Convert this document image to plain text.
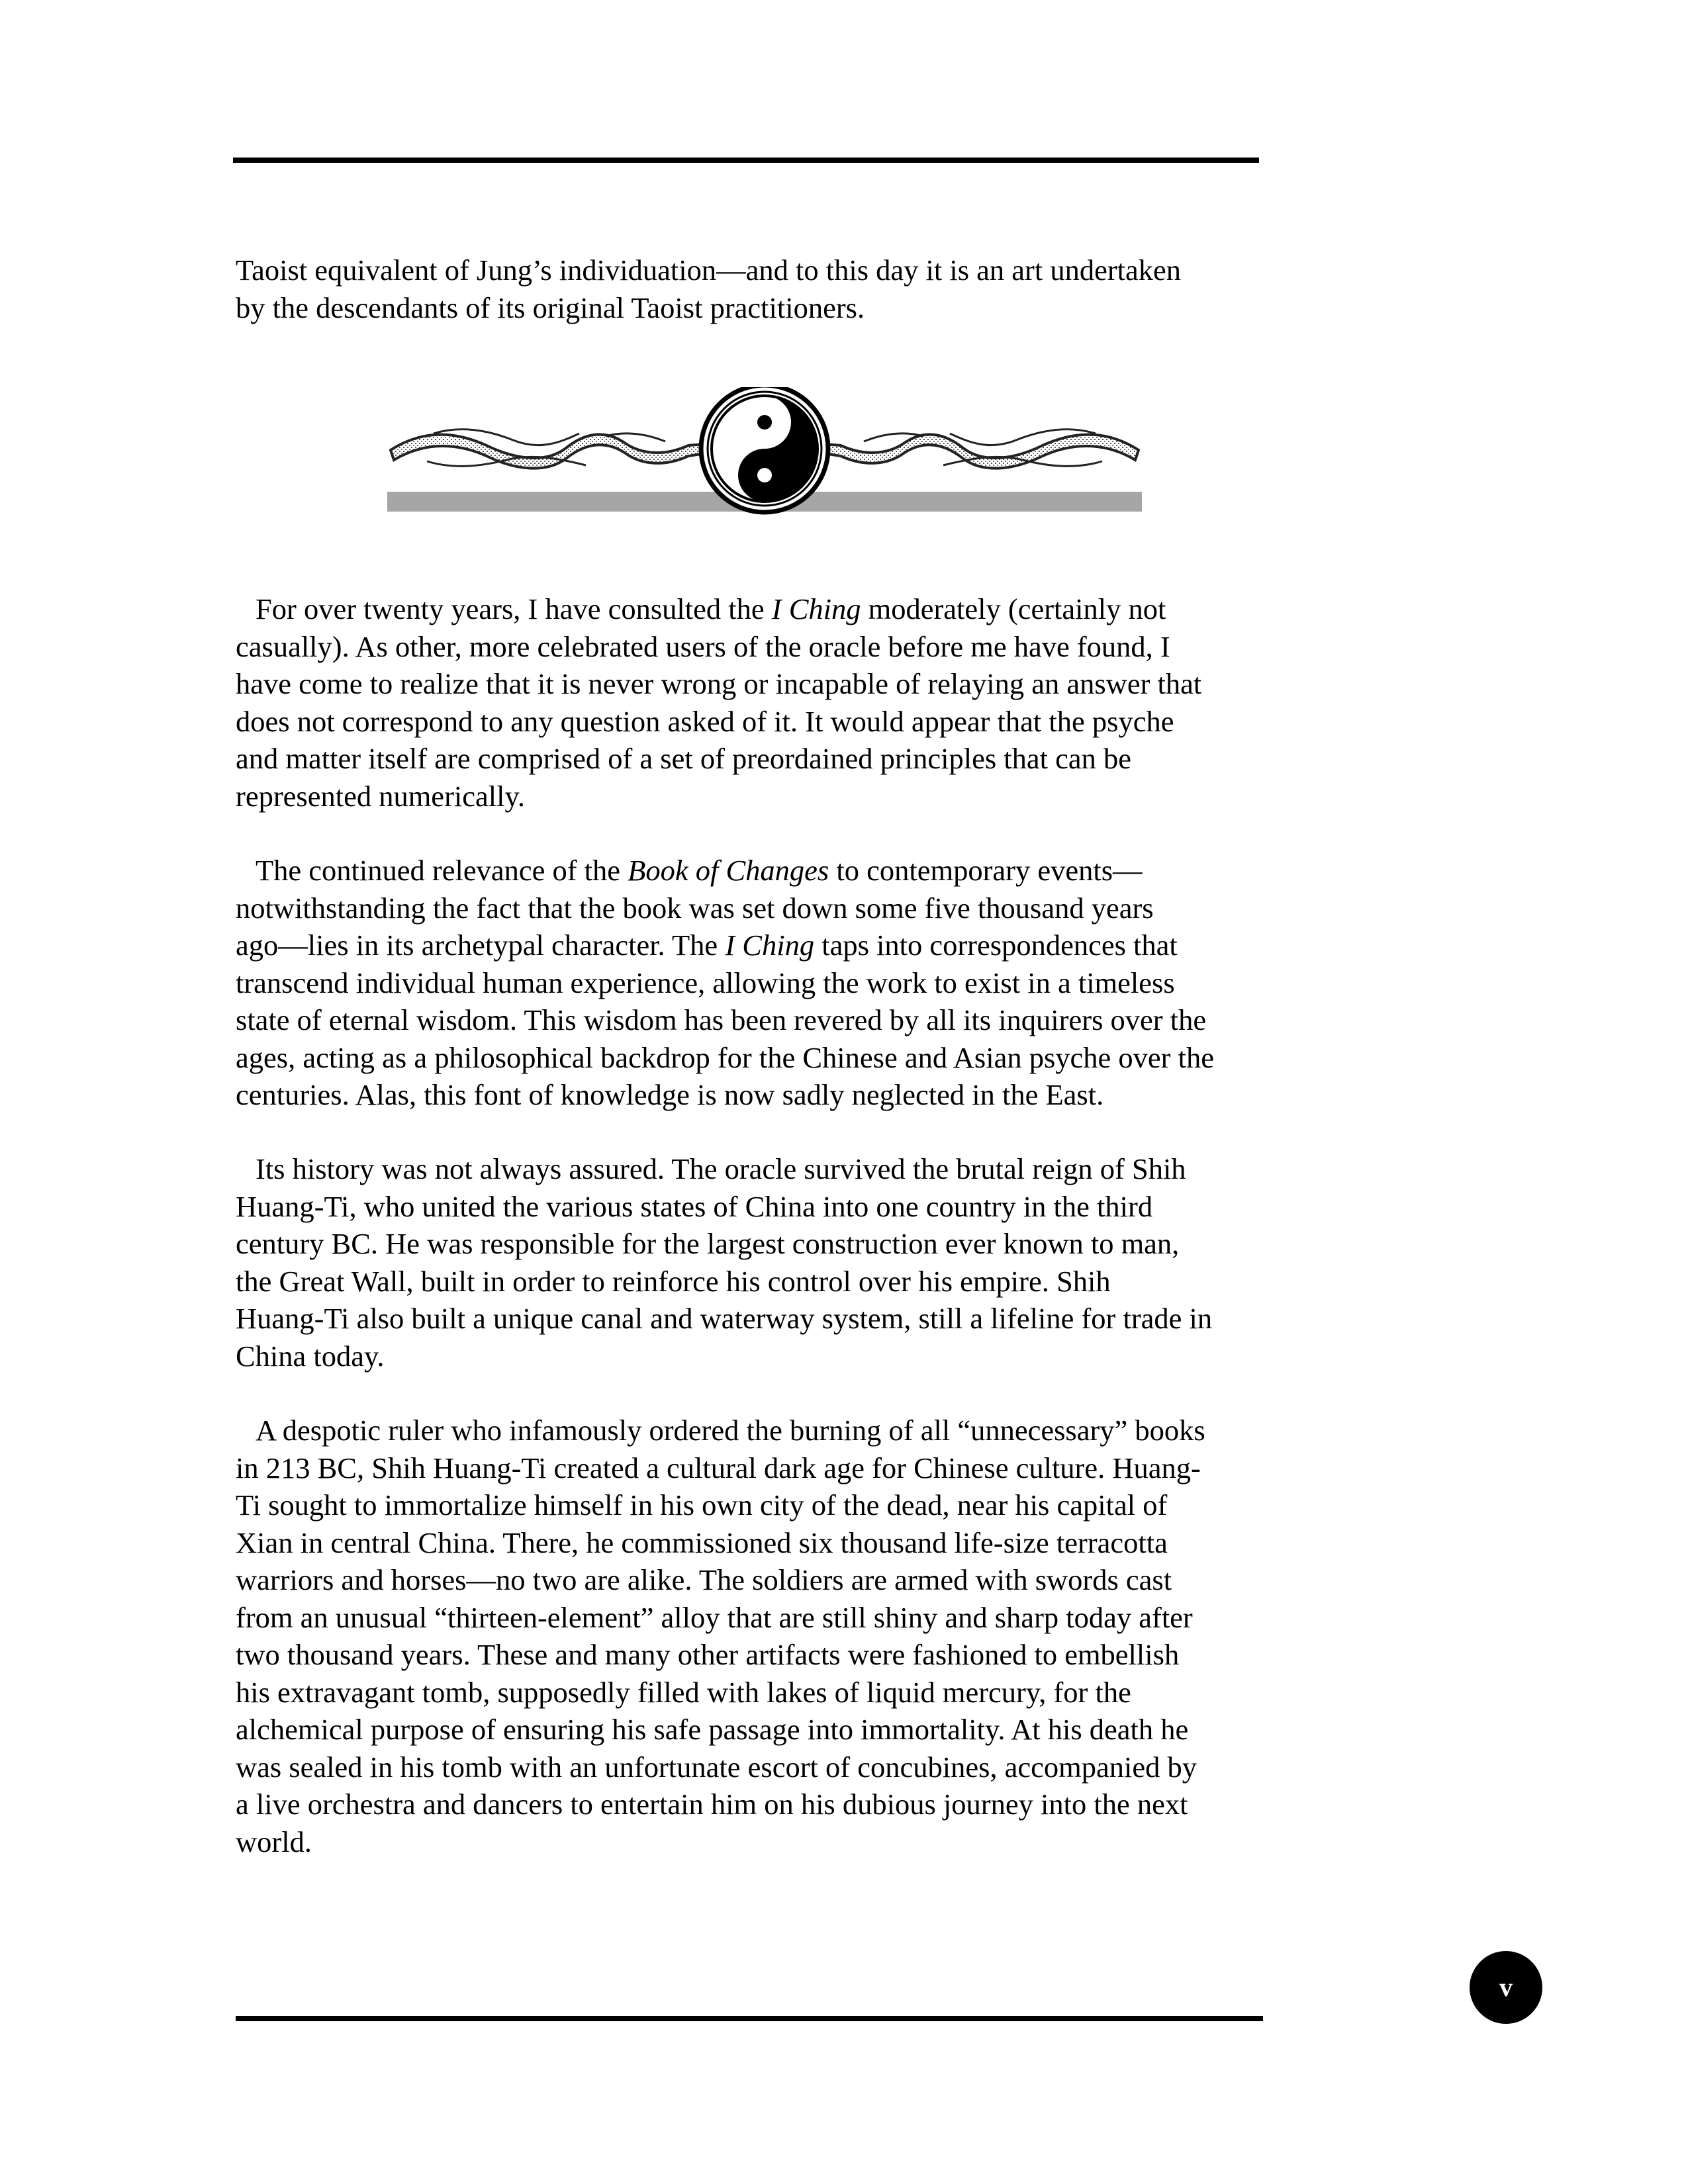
Taoist equivalent of Jung’s individuation—and to this day it is an art undertaken
by the descendants of its original Taoist practitioners.
For over twenty years, I have consulted the I Ching moderately (certainly not
casually). As other, more celebrated users of the oracle before me have found, I
have come to realize that it is never wrong or incapable of relaying an answer that
does not correspond to any question asked of it. It would appear that the psyche
and matter itself are comprised of a set of preordained principles that can be
represented numerically.
The continued relevance of the Book of Changes to contemporary events—
notwithstanding the fact that the book was set down some five thousand years
ago—lies in its archetypal character. The I Ching taps into correspondences that
transcend individual human experience, allowing the work to exist in a timeless
state of eternal wisdom. This wisdom has been revered by all its inquirers over the
ages, acting as a philosophical backdrop for the Chinese and Asian psyche over the
centuries. Alas, this font of knowledge is now sadly neglected in the East.
Its history was not always assured. The oracle survived the brutal reign of Shih
Huang-Ti, who united the various states of China into one country in the third
century BC. He was responsible for the largest construction ever known to man,
the Great Wall, built in order to reinforce his control over his empire. Shih
Huang-Ti also built a unique canal and waterway system, still a lifeline for trade in
China today.
A despotic ruler who infamously ordered the burning of all “unnecessary” books
in 213 BC, Shih Huang-Ti created a cultural dark age for Chinese culture. Huang-
Ti sought to immortalize himself in his own city of the dead, near his capital of
Xian in central China. There, he commissioned six thousand life-size terracotta
warriors and horses—no two are alike. The soldiers are armed with swords cast
from an unusual “thirteen-element” alloy that are still shiny and sharp today after
two thousand years. These and many other artifacts were fashioned to embellish
his extravagant tomb, supposedly filled with lakes of liquid mercury, for the
alchemical purpose of ensuring his safe passage into immortality. At his death he
was sealed in his tomb with an unfortunate escort of concubines, accompanied by
a live orchestra and dancers to entertain him on his dubious journey into the next
world.
v
